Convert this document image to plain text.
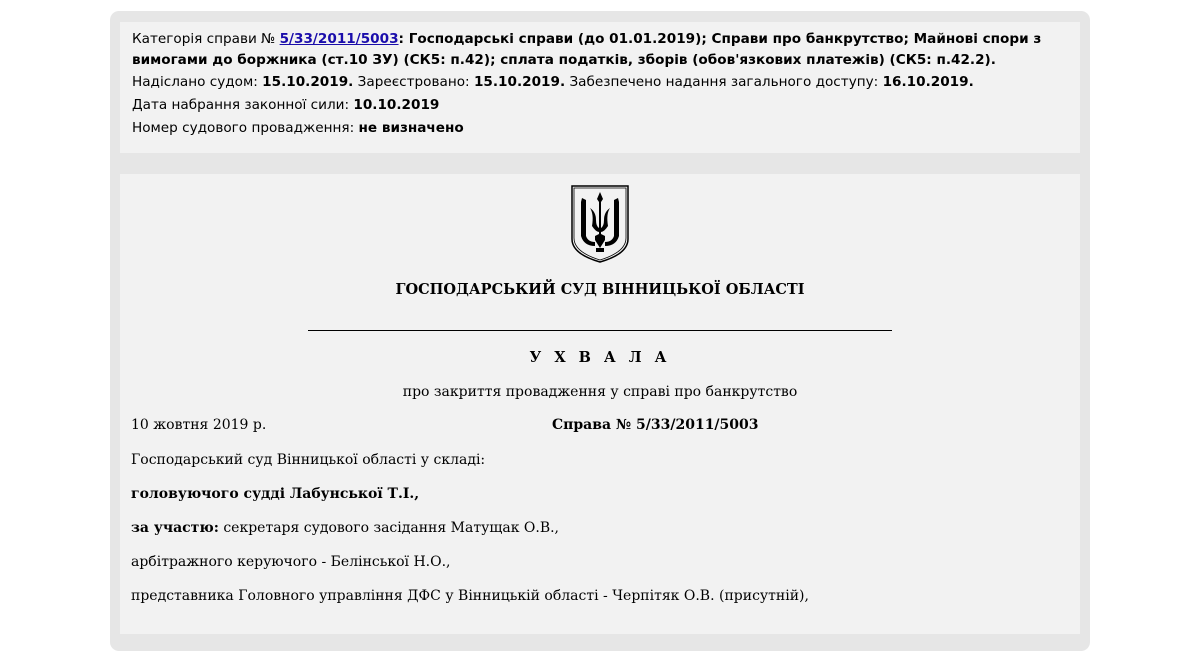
Категорія справи № 5/33/2011/5003: Господарські справи (до 01.01.2019); Справи про банкрутство; Майнові спори з вимогами до боржника (ст.10 ЗУ) (СК5: п.42); сплата податків, зборів (обов'язкових платежів) (СК5: п.42.2).
Надіслано судом: 15.10.2019. Зареєстровано: 15.10.2019. Забезпечено надання загального доступу: 16.10.2019.
Дата набрання законної сили: 10.10.2019
Номер судового провадження: не визначено
ГОСПОДАРСЬКИЙ СУД ВІННИЦЬКОЇ ОБЛАСТІ
У Х В А Л А
про закриття провадження у справі про банкрутство
10 жовтня 2019 р.	Справа № 5/33/2011/5003
Господарський суд Вінницької області у складі:
головуючого судді Лабунської Т.І.,
за участю: секретаря судового засідання Матущак О.В.,
арбітражного керуючого - Белінської Н.О.,
представника Головного управління ДФС у Вінницькій області - Черпітяк О.В. (присутній),
